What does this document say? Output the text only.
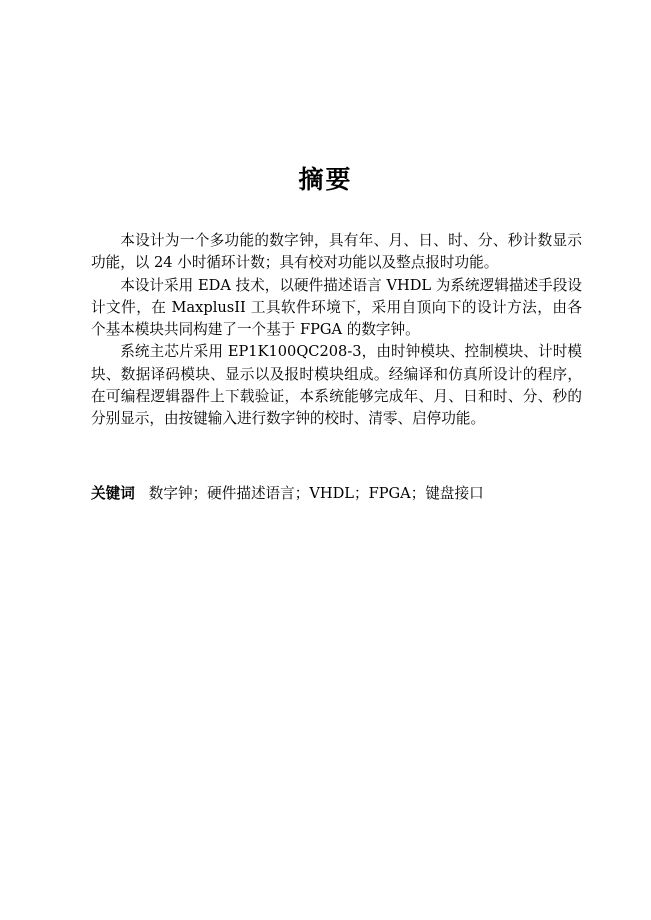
摘要

本设计为一个多功能的数字钟，具有年、月、日、时、分、秒计数显示功能，以 24 小时循环计数；具有校对功能以及整点报时功能。

本设计采用 EDA 技术，以硬件描述语言 VHDL 为系统逻辑描述手段设计文件，在 MaxplusII 工具软件环境下，采用自顶向下的设计方法，由各个基本模块共同构建了一个基于 FPGA 的数字钟。

系统主芯片采用 EP1K100QC208-3，由时钟模块、控制模块、计时模块、数据译码模块、显示以及报时模块组成。经编译和仿真所设计的程序，在可编程逻辑器件上下载验证，本系统能够完成年、月、日和时、分、秒的分别显示，由按键输入进行数字钟的校时、清零、启停功能。

关键词 数字钟；硬件描述语言；VHDL；FPGA；键盘接口
